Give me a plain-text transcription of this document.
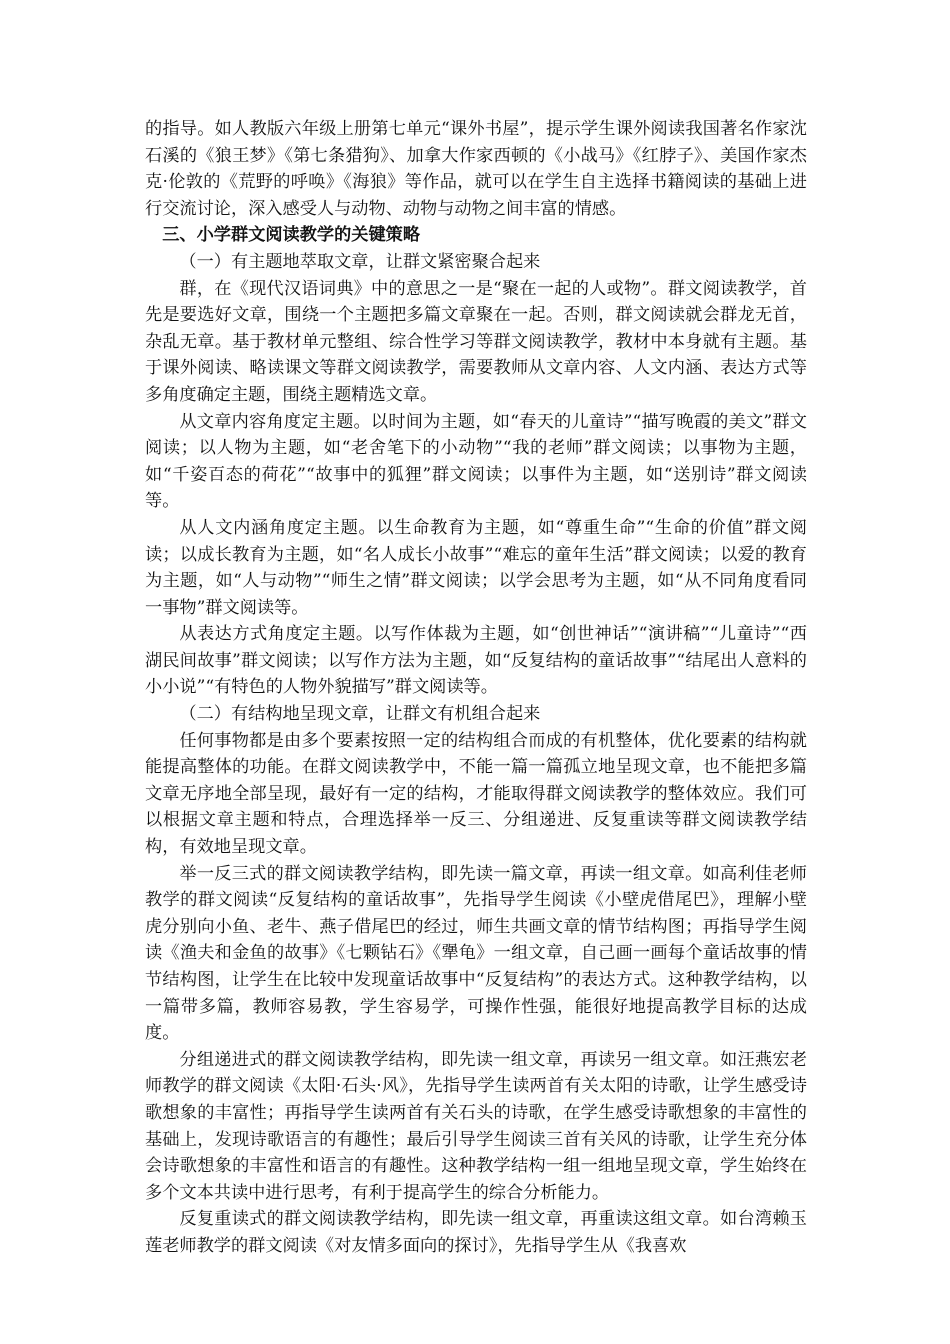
的指导。如人教版六年级上册第七单元“课外书屋”，提示学生课外阅读我国著名作家沈石溪的《狼王梦》《第七条猎狗》、加拿大作家西顿的《小战马》《红脖子》、美国作家杰克·伦敦的《荒野的呼唤》《海狼》等作品，就可以在学生自主选择书籍阅读的基础上进行交流讨论，深入感受人与动物、动物与动物之间丰富的情感。

三、小学群文阅读教学的关键策略

（一）有主题地萃取文章，让群文紧密聚合起来

群，在《现代汉语词典》中的意思之一是“聚在一起的人或物”。群文阅读教学，首先是要选好文章，围绕一个主题把多篇文章聚在一起。否则，群文阅读就会群龙无首，杂乱无章。基于教材单元整组、综合性学习等群文阅读教学，教材中本身就有主题。基于课外阅读、略读课文等群文阅读教学，需要教师从文章内容、人文内涵、表达方式等多角度确定主题，围绕主题精选文章。

从文章内容角度定主题。以时间为主题，如“春天的儿童诗”“描写晚霞的美文”群文阅读；以人物为主题，如“老舍笔下的小动物”“我的老师”群文阅读；以事物为主题，如“千姿百态的荷花”“故事中的狐狸”群文阅读；以事件为主题，如“送别诗”群文阅读等。

从人文内涵角度定主题。以生命教育为主题，如“尊重生命”“生命的价值”群文阅读；以成长教育为主题，如“名人成长小故事”“难忘的童年生活”群文阅读；以爱的教育为主题，如“人与动物”“师生之情”群文阅读；以学会思考为主题，如“从不同角度看同一事物”群文阅读等。

从表达方式角度定主题。以写作体裁为主题，如“创世神话”“演讲稿”“儿童诗”“西湖民间故事”群文阅读；以写作方法为主题，如“反复结构的童话故事”“结尾出人意料的小小说”“有特色的人物外貌描写”群文阅读等。

（二）有结构地呈现文章，让群文有机组合起来

任何事物都是由多个要素按照一定的结构组合而成的有机整体，优化要素的结构就能提高整体的功能。在群文阅读教学中，不能一篇一篇孤立地呈现文章，也不能把多篇文章无序地全部呈现，最好有一定的结构，才能取得群文阅读教学的整体效应。我们可以根据文章主题和特点，合理选择举一反三、分组递进、反复重读等群文阅读教学结构，有效地呈现文章。

举一反三式的群文阅读教学结构，即先读一篇文章，再读一组文章。如高利佳老师教学的群文阅读“反复结构的童话故事”，先指导学生阅读《小壁虎借尾巴》，理解小壁虎分别向小鱼、老牛、燕子借尾巴的经过，师生共画文章的情节结构图；再指导学生阅读《渔夫和金鱼的故事》《七颗钻石》《犟龟》一组文章，自己画一画每个童话故事的情节结构图，让学生在比较中发现童话故事中“反复结构”的表达方式。这种教学结构，以一篇带多篇，教师容易教，学生容易学，可操作性强，能很好地提高教学目标的达成度。

分组递进式的群文阅读教学结构，即先读一组文章，再读另一组文章。如汪燕宏老师教学的群文阅读《太阳·石头·风》，先指导学生读两首有关太阳的诗歌，让学生感受诗歌想象的丰富性；再指导学生读两首有关石头的诗歌，在学生感受诗歌想象的丰富性的基础上，发现诗歌语言的有趣性；最后引导学生阅读三首有关风的诗歌，让学生充分体会诗歌想象的丰富性和语言的有趣性。这种教学结构一组一组地呈现文章，学生始终在多个文本共读中进行思考，有利于提高学生的综合分析能力。

反复重读式的群文阅读教学结构，即先读一组文章，再重读这组文章。如台湾赖玉莲老师教学的群文阅读《对友情多面向的探讨》，先指导学生从《我喜欢
